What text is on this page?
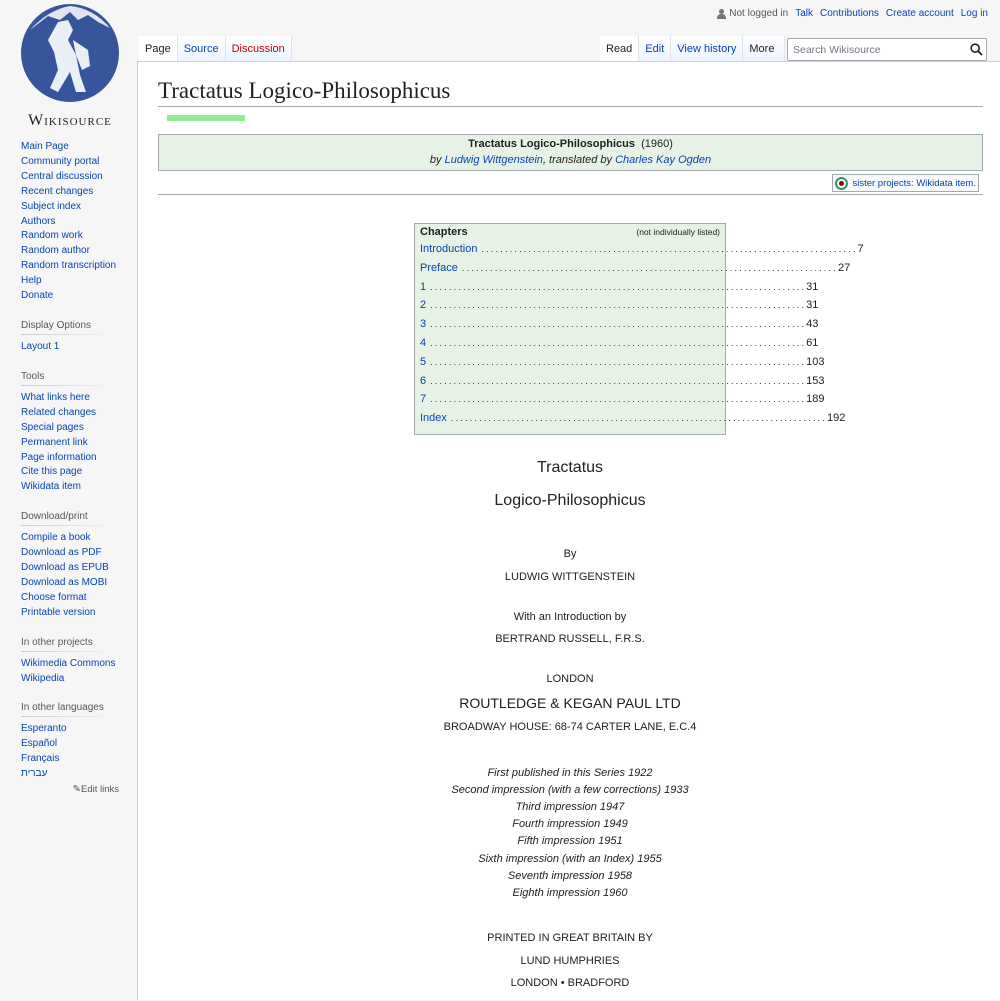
Wikisource
Main Page
Community portal
Central discussion
Recent changes
Subject index
Authors
Random work
Random author
Random transcription
Help
Donate
Display Options
Layout 1
Tools
What links here
Related changes
Special pages
Permanent link
Page information
Cite this page
Wikidata item
Download/print
Compile a book
Download as PDF
Download as EPUB
Download as MOBI
Choose format
Printable version
In other projects
Wikimedia Commons
Wikipedia
In other languages
Esperanto
Español
Français
עברית
✎Edit links
Not logged in Talk Contributions Create account Log in
Page	Source	Discussion	Read	Edit	View history	More
Search Wikisource
Tractatus Logico-Philosophicus
Tractatus Logico-Philosophicus (1960)
by Ludwig Wittgenstein, translated by Charles Kay Ogden
sister projects: Wikidata item.
Chapters	(not individually listed)
Introduction ................................................................................ 7
Preface ................................................................................ 27
1 ................................................................................ 31
2 ................................................................................ 31
3 ................................................................................ 43
4 ................................................................................ 61
5 ................................................................................ 103
6 ................................................................................ 153
7 ................................................................................ 189
Index ................................................................................ 192
Tractatus
Logico-Philosophicus
By
LUDWIG WITTGENSTEIN
With an Introduction by
BERTRAND RUSSELL, F.R.S.
LONDON
ROUTLEDGE & KEGAN PAUL LTD
BROADWAY HOUSE: 68-74 CARTER LANE, E.C.4
First published in this Series 1922
Second impression (with a few corrections) 1933
Third impression 1947
Fourth impression 1949
Fifth impression 1951
Sixth impression (with an Index) 1955
Seventh impression 1958
Eighth impression 1960
PRINTED IN GREAT BRITAIN BY
LUND HUMPHRIES
LONDON • BRADFORD
